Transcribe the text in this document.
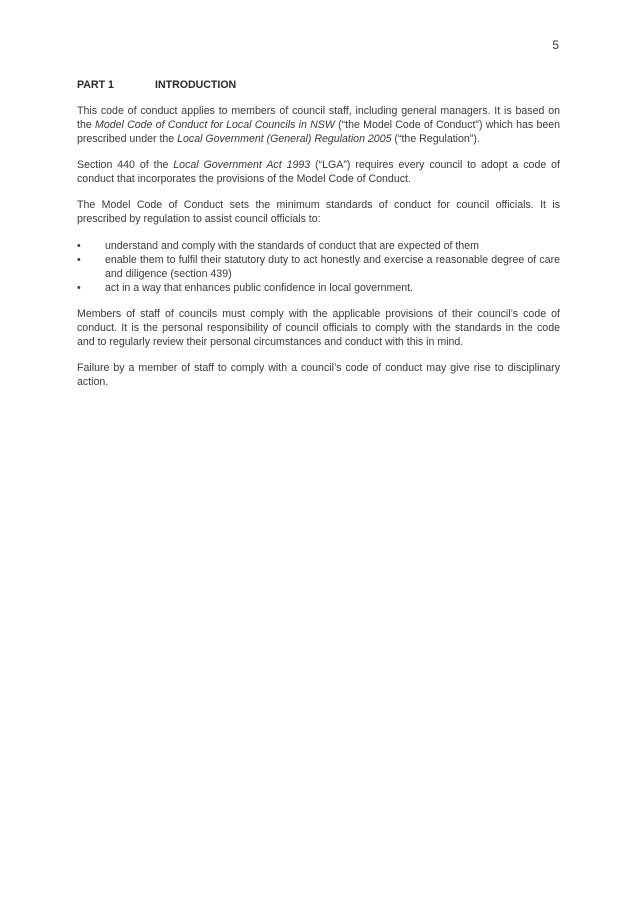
5
PART 1	INTRODUCTION

This code of conduct applies to members of council staff, including general managers. It is based on the Model Code of Conduct for Local Councils in NSW (“the Model Code of Conduct”) which has been prescribed under the Local Government (General) Regulation 2005 (“the Regulation”).

Section 440 of the Local Government Act 1993 (“LGA”) requires every council to adopt a code of conduct that incorporates the provisions of the Model Code of Conduct.

The Model Code of Conduct sets the minimum standards of conduct for council officials. It is prescribed by regulation to assist council officials to:

• understand and comply with the standards of conduct that are expected of them
• enable them to fulfil their statutory duty to act honestly and exercise a reasonable degree of care and diligence (section 439)
• act in a way that enhances public confidence in local government.

Members of staff of councils must comply with the applicable provisions of their council’s code of conduct. It is the personal responsibility of council officials to comply with the standards in the code and to regularly review their personal circumstances and conduct with this in mind.

Failure by a member of staff to comply with a council’s code of conduct may give rise to disciplinary action.
